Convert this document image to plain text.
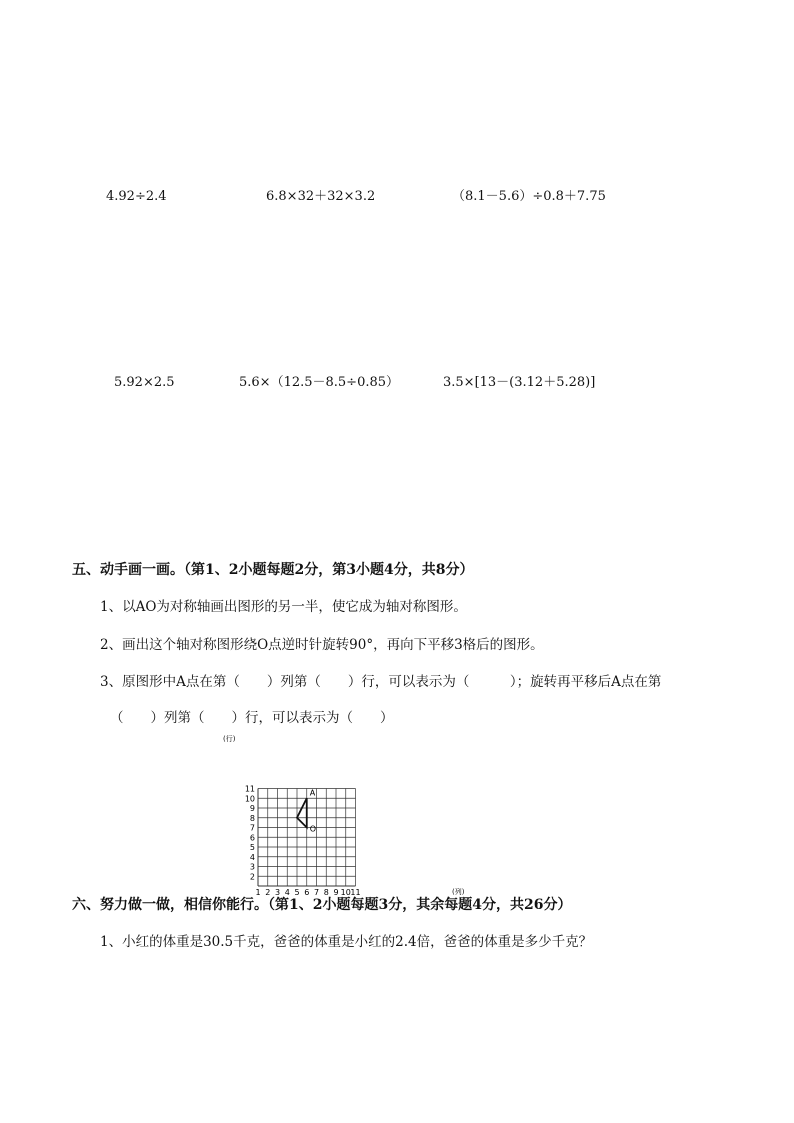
4.92÷2.4	6.8×32＋32×3.2	（8.1－5.6）÷0.8＋7.75
5.92×2.5	5.6×（12.5－8.5÷0.85）	3.5×[13－(3.12＋5.28)]
五、动手画一画。（第1、2小题每题2分，第3小题4分，共8分）
1、以AO为对称轴画出图形的另一半，使它成为轴对称图形。
2、画出这个轴对称图形绕O点逆时针旋转90°，再向下平移3格后的图形。
3、原图形中A点在第（　　）列第（　　）行，可以表示为（　　　）；旋转再平移后A点在第
（　　）列第（　　）行，可以表示为（　　）
(行)
(列)
2
3
4
5
6
7
8
9
10
11
1 2 3 4 5 6 7 8 9 10 11
A
O
六、努力做一做，相信你能行。（第1、2小题每题3分，其余每题4分，共26分）
1、小红的体重是30.5千克，爸爸的体重是小红的2.4倍，爸爸的体重是多少千克？
